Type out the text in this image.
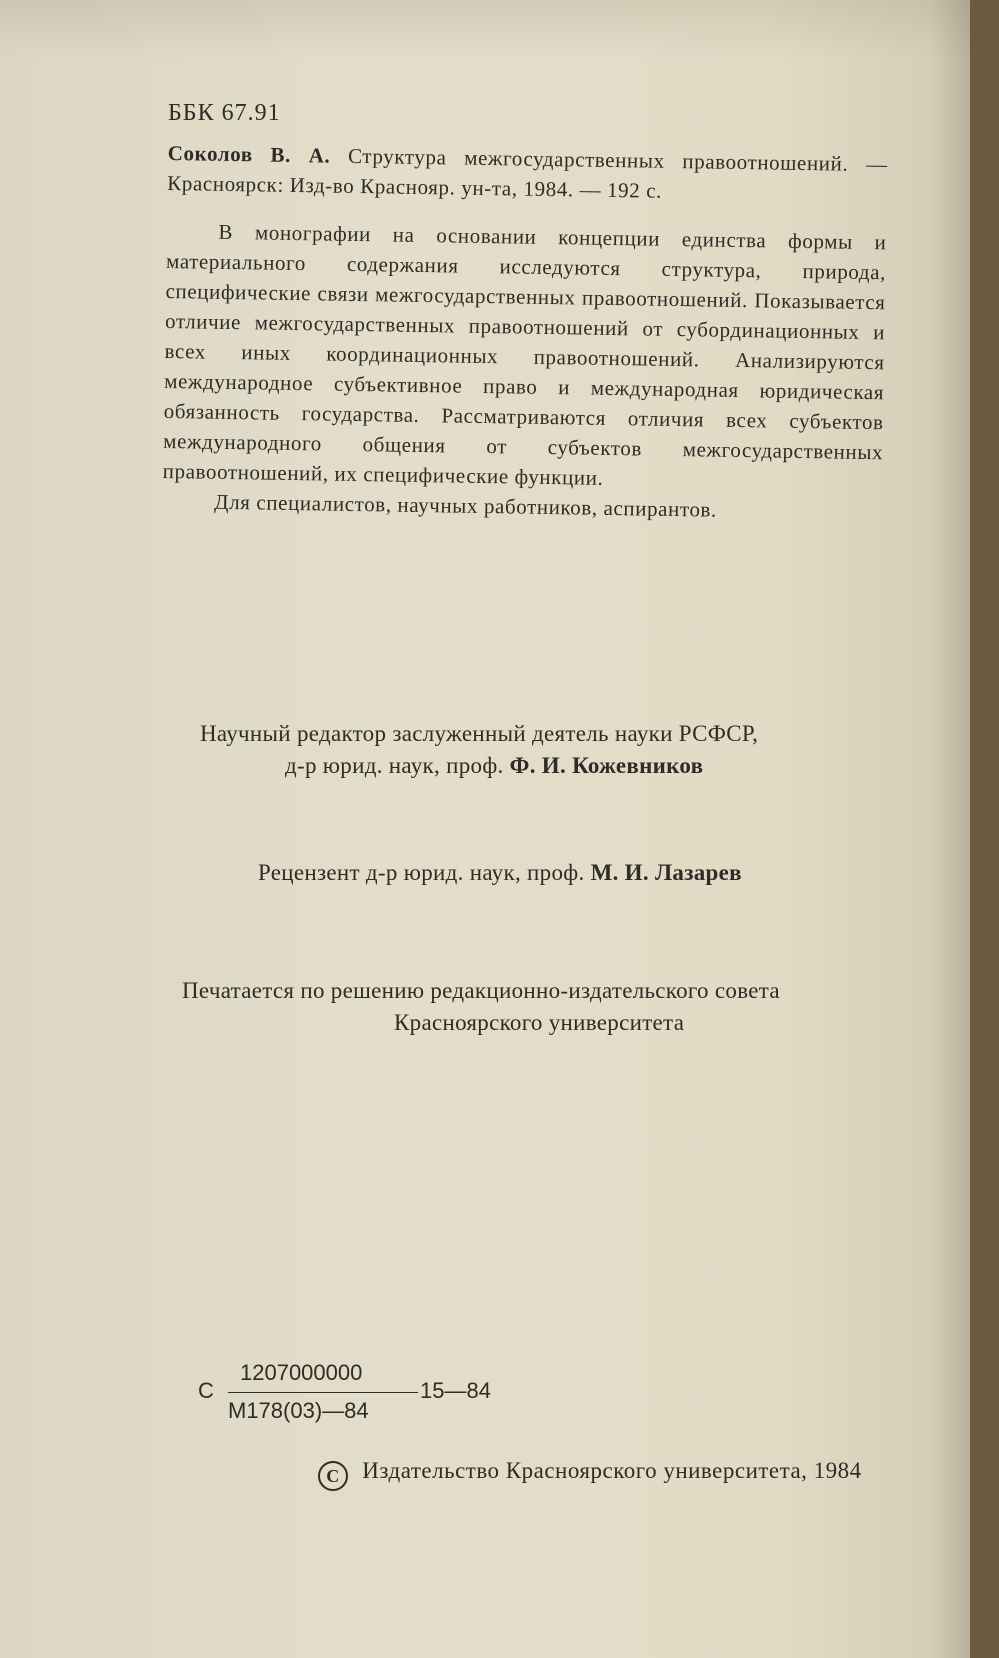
ББК 67.91

Соколов В. А. Структура межгосударственных правоотношений. — Красноярск: Изд-во Краснояр. ун-та, 1984. — 192 с.

В монографии на основании концепции единства формы и материального содержания исследуются структура, природа, специфические связи межгосударственных правоотношений. Показывается отличие межгосударственных правоотношений от субординационных и всех иных координационных правоотношений. Анализируются международное субъективное право и международная юридическая обязанность государства. Рассматриваются отличия всех субъектов международного общения от субъектов межгосударственных правоотношений, их специфические функции.

Для специалистов, научных работников, аспирантов.

Научный редактор заслуженный деятель науки РСФСР,
д-р юрид. наук, проф. Ф. И. Кожевников
Рецензент д-р юрид. наук, проф. М. И. Лазарев
Печатается по решению редакционно-издательского совета
Красноярского университета
С
1207000000
М178(03)—84
15—84
С Издательство Красноярского университета, 1984
